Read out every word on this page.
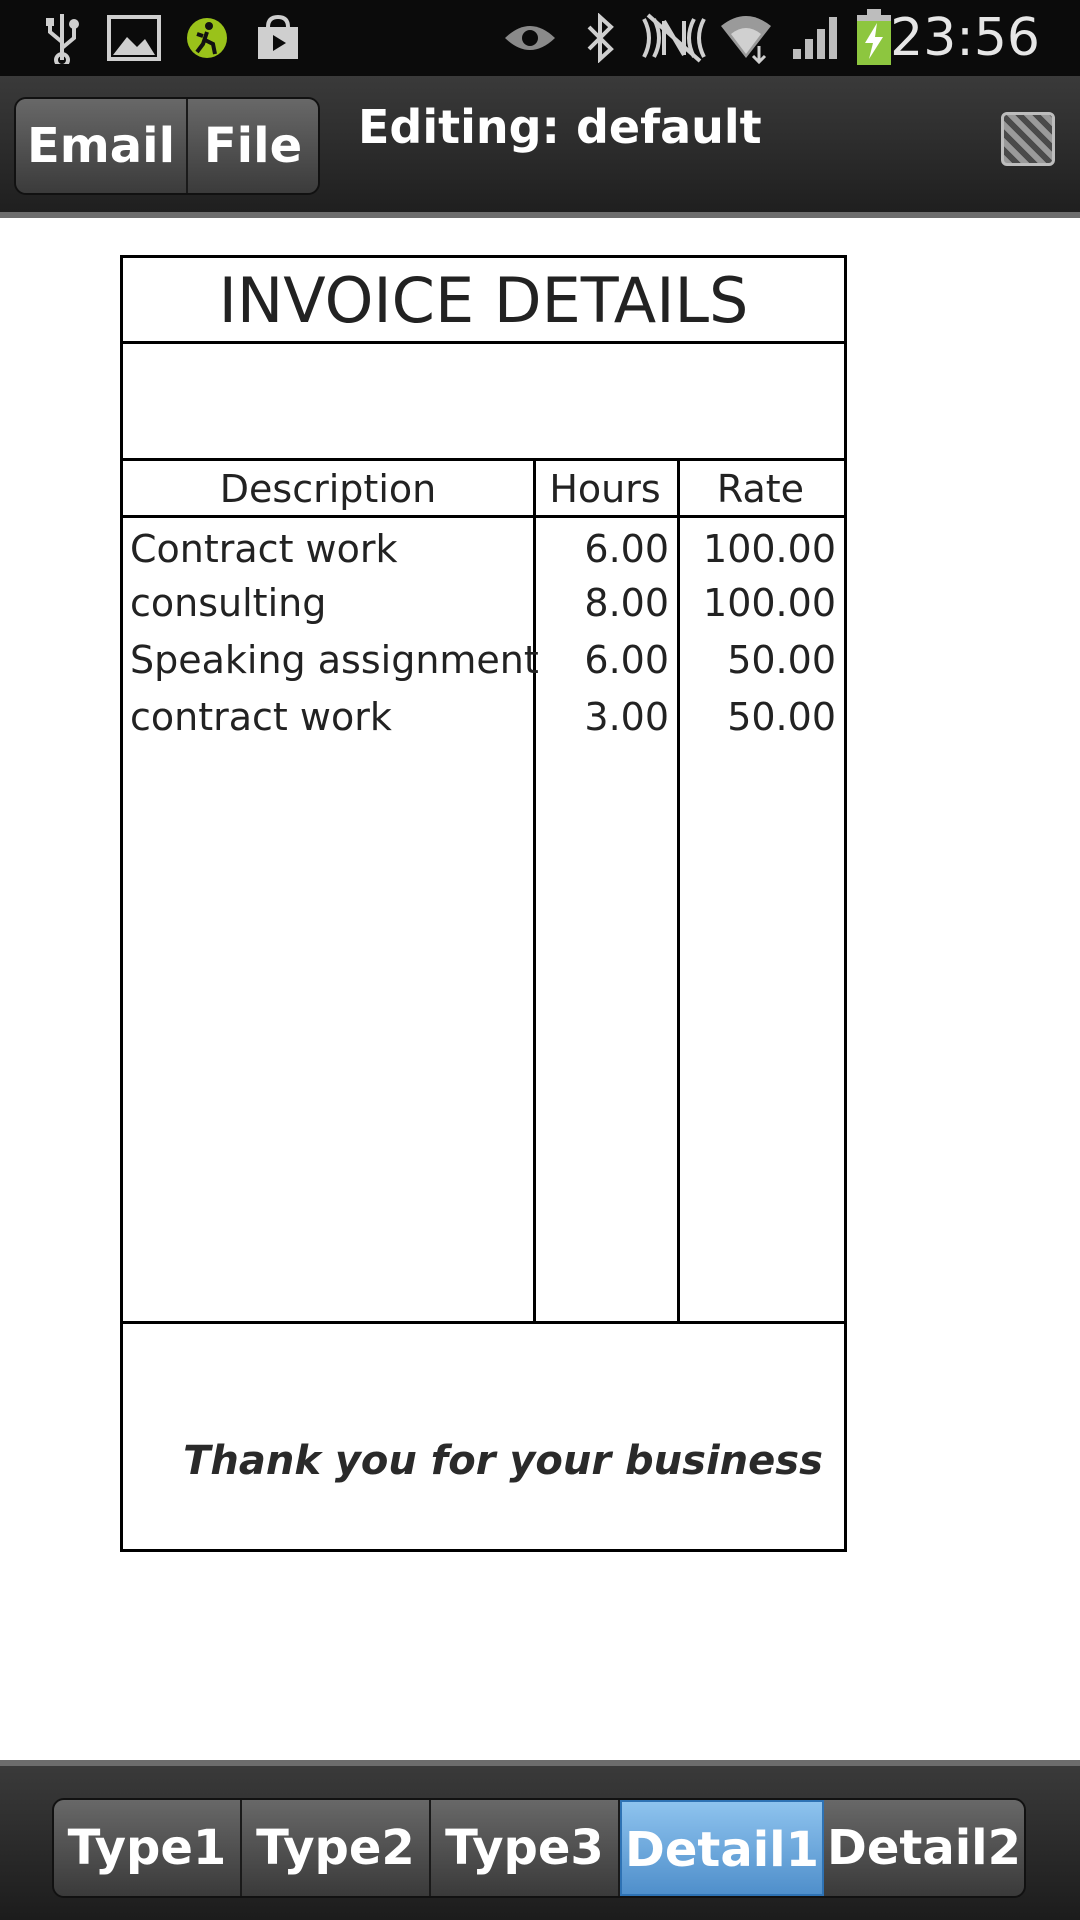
23:56
Email File	Editing: default
INVOICE DETAILS
Description	Hours	Rate
Contract work	6.00 100.00
consulting	8.00 100.00
Speaking assignment	6.00	50.00
contract work	3.00	50.00
Thank you for your business
Type1 Type2 Type3 Detail1 Detail2
